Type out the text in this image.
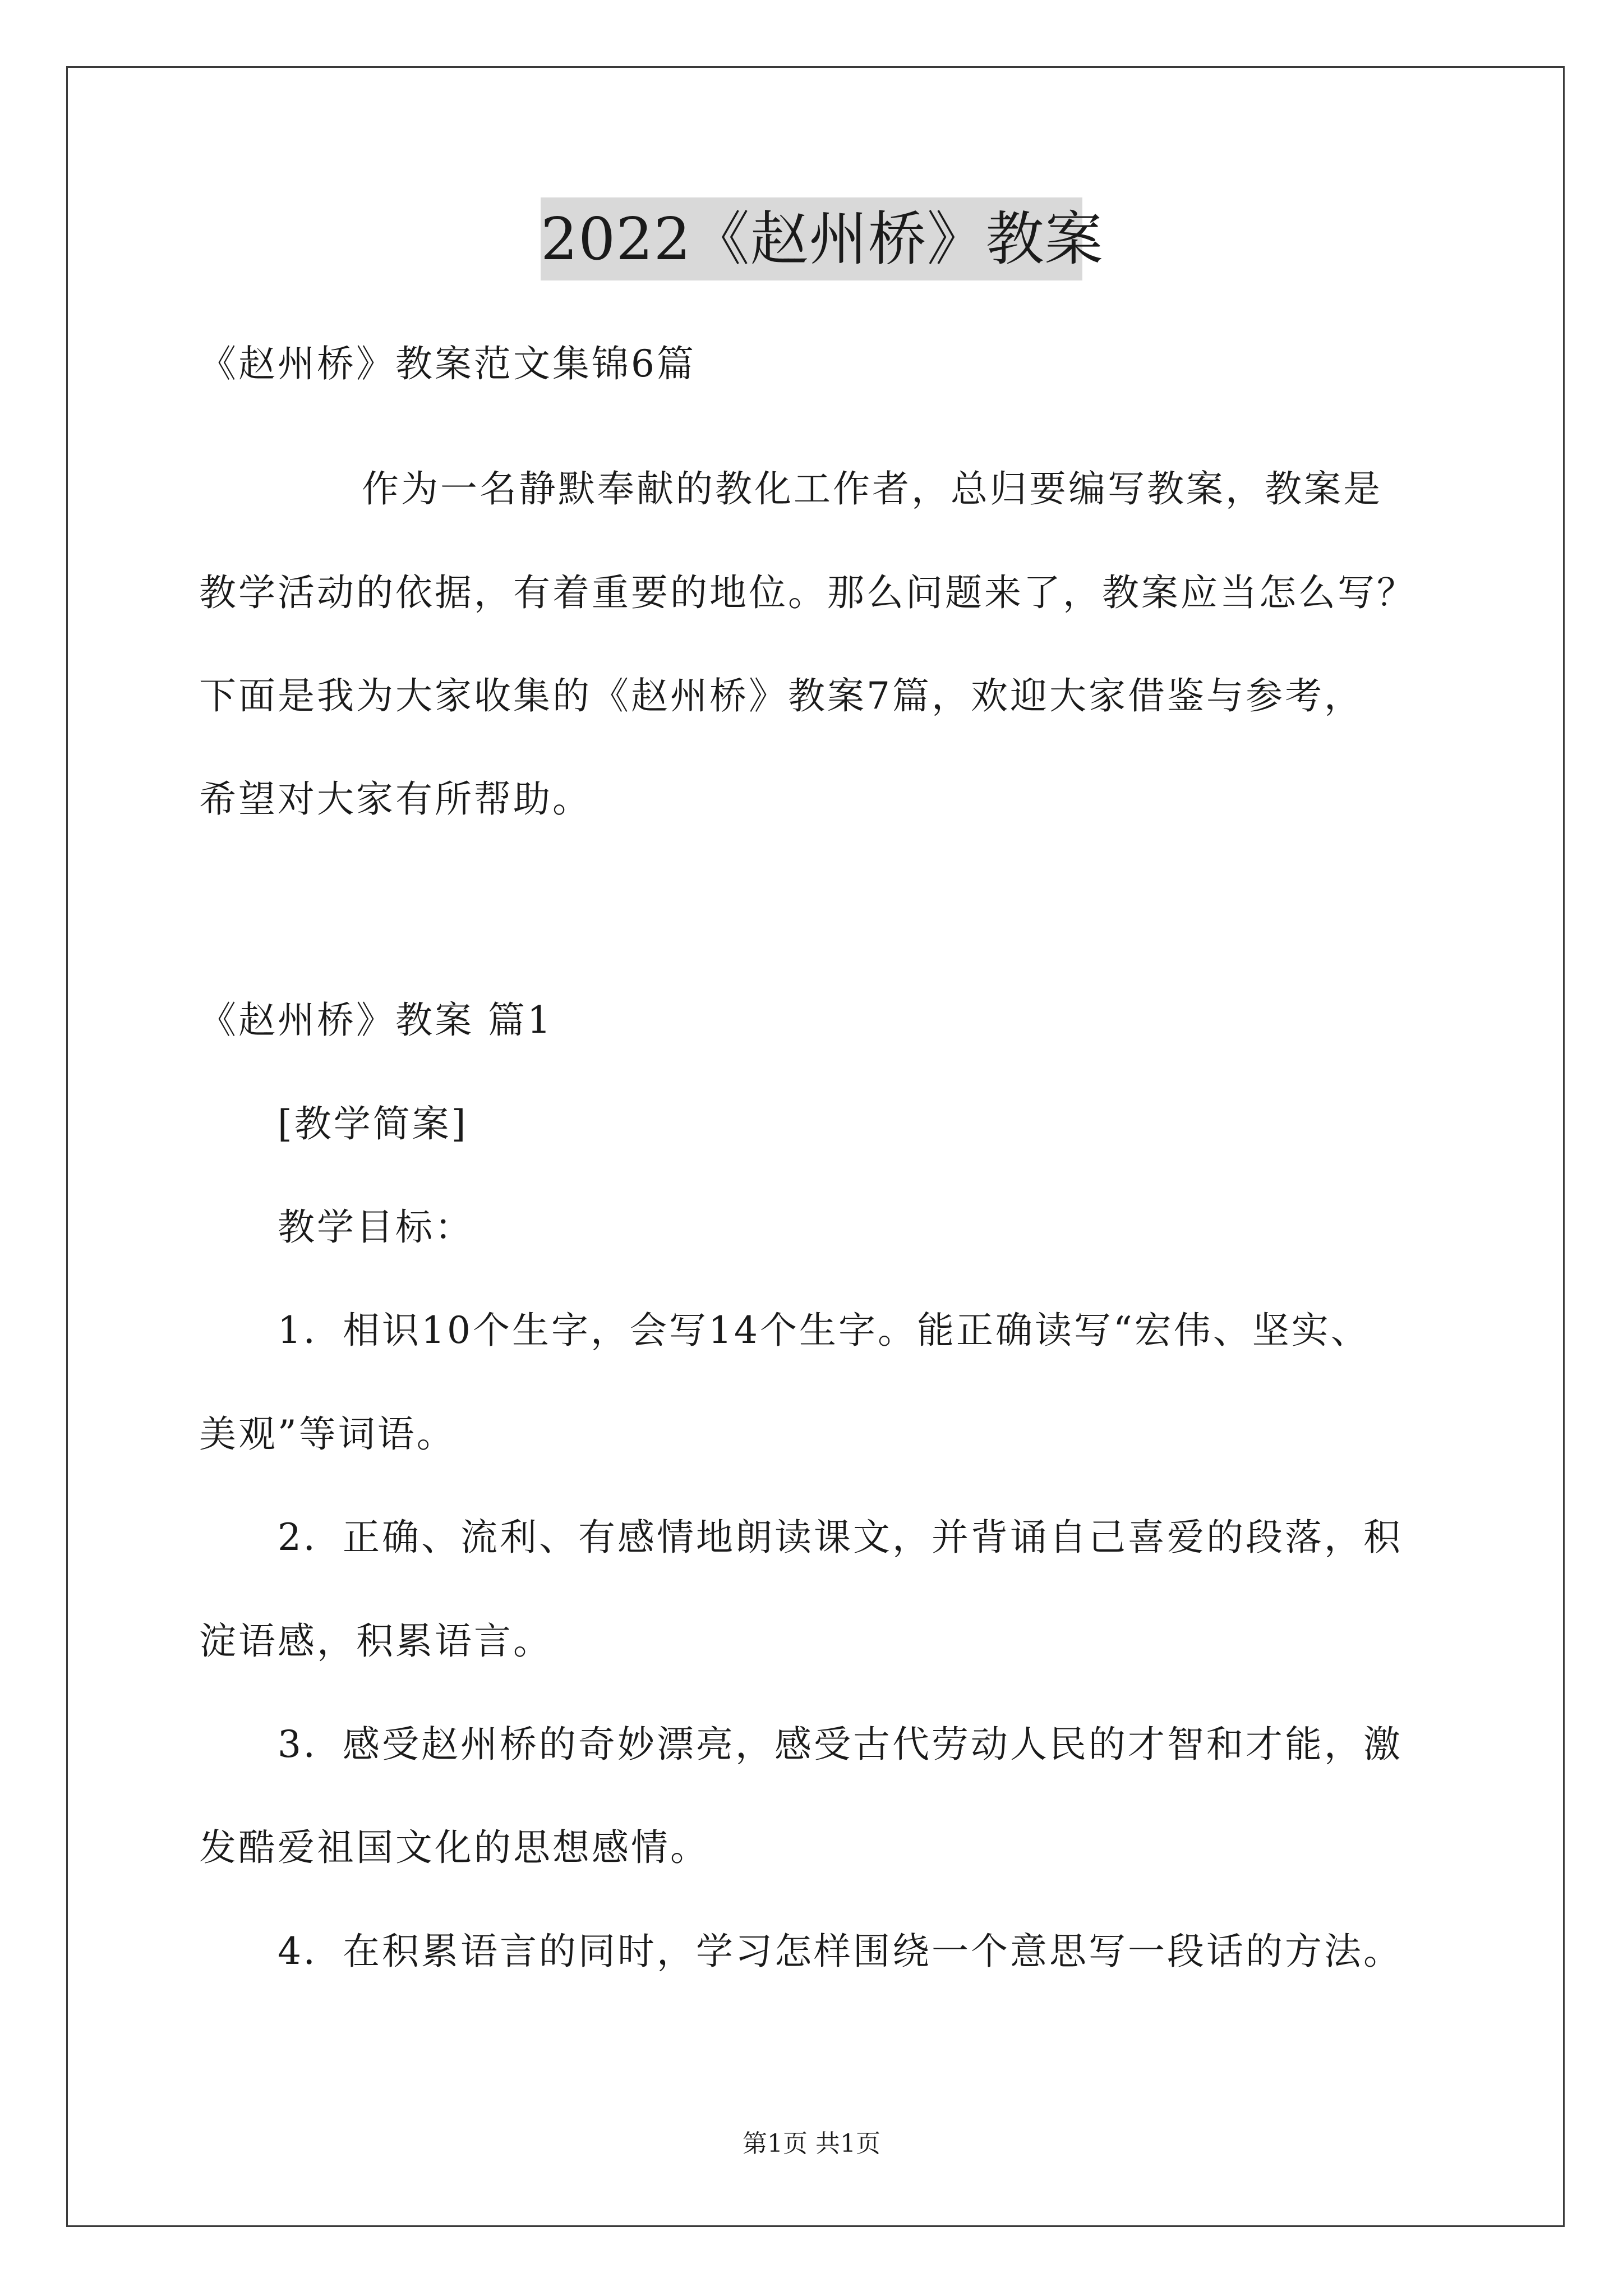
2022《赵州桥》教案
《赵州桥》教案范文集锦6篇
作为一名静默奉献的教化工作者，总归要编写教案，教案是
教学活动的依据，有着重要的地位。那么问题来了，教案应当怎么写？
下面是我为大家收集的《赵州桥》教案7篇，欢迎大家借鉴与参考，
希望对大家有所帮助。
《赵州桥》教案 篇1
[教学简案]
教学目标：
1．相识10个生字，会写14个生字。能正确读写“宏伟、坚实、
美观”等词语。
2．正确、流利、有感情地朗读课文，并背诵自己喜爱的段落，积
淀语感，积累语言。
3．感受赵州桥的奇妙漂亮，感受古代劳动人民的才智和才能，激
发酷爱祖国文化的思想感情。
4．在积累语言的同时，学习怎样围绕一个意思写一段话的方法。
第1页 共1页
